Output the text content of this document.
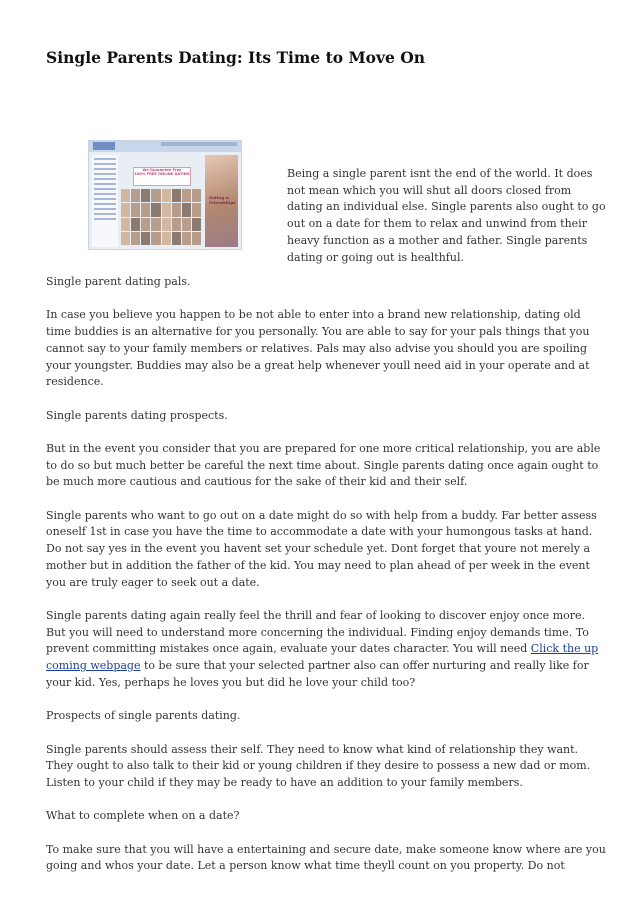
Single Parents Dating: Its Time to Move On
We Guarantee Free
100% FREE ONLINE DATING
Dating & Friendships

Being a single parent isnt the end of the world. It does not mean which you will shut all doors closed from dating an individual else. Single parents also ought to go out on a date for them to relax and unwind from their heavy function as a mother and father. Single parents dating or going out is healthful.

Single parent dating pals.

In case you believe you happen to be not able to enter into a brand new relationship, dating old time buddies is an alternative for you personally. You are able to say for your pals things that you cannot say to your family members or relatives. Pals may also advise you should you are spoiling your youngster. Buddies may also be a great help whenever youll need aid in your operate and at residence.

Single parents dating prospects.

But in the event you consider that you are prepared for one more critical relationship, you are able to do so but much better be careful the next time about. Single parents dating once again ought to be much more cautious and cautious for the sake of their kid and their self.

Single parents who want to go out on a date might do so with help from a buddy. Far better assess oneself 1st in case you have the time to accommodate a date with your humongous tasks at hand. Do not say yes in the event you havent set your schedule yet. Dont forget that youre not merely a mother but in addition the father of the kid. You may need to plan ahead of per week in the event you are truly eager to seek out a date.

Single parents dating again really feel the thrill and fear of looking to discover enjoy once more. But you will need to understand more concerning the individual. Finding enjoy demands time. To prevent committing mistakes once again, evaluate your dates character. You will need Click the up coming webpage to be sure that your selected partner also can offer nurturing and really like for your kid. Yes, perhaps he loves you but did he love your child too?

Prospects of single parents dating.

Single parents should assess their self. They need to know what kind of relationship they want. They ought to also talk to their kid or young children if they desire to possess a new dad or mom. Listen to your child if they may be ready to have an addition to your family members.

What to complete when on a date?

To make sure that you will have a entertaining and secure date, make someone know where are you going and whos your date. Let a person know what time theyll count on you property. Do not
